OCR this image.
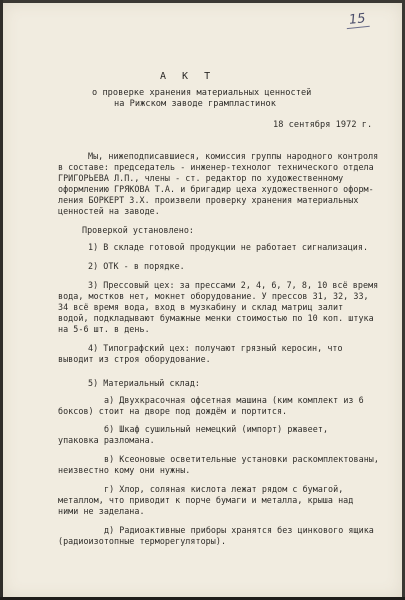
15
А К Т
о проверке хранения материальных ценностей
на Рижском заводе грампластинок
18 сентября 1972 г.
Мы, нижеподписавшиеся, комиссия группы народного контроля
в составе: председатель - инженер-технолог технического отдела
ГРИГОРЬЕВА Л.П., члены - ст. редактор по художественному
оформлению ГРЯКОВА Т.А. и бригадир цеха художественного оформ-
ления БОРКЕРТ З.Х. произвели проверку хранения материальных
ценностей на заводе.
Проверкой установлено:
1) В складе готовой продукции не работает сигнализация.
2) ОТК - в порядке.
3) Прессовый цех: за прессами 2, 4, 6, 7, 8, 10 всё время
вода, мостков нет, мокнет оборудование. У прессов 31, 32, 33,
34 всё время вода, вход в музкабину и склад матриц залит
водой, подкладывают бумажные менки стоимостью по 10 коп. штука
на 5-6 шт. в день.
4) Типографский цех: получают грязный керосин, что
выводит из строя оборудование.
5) Материальный склад:
а) Двухкрасочная офсетная машина (ким комплект из 6
боксов) стоит на дворе под дождём и портится.
б) Шкаф сушильный немецкий (импорт) ржавеет,
упаковка разломана.
в) Ксеоновые осветительные установки раскомплектованы,
неизвестно кому они нужны.
г) Хлор, соляная кислота лежат рядом с бумагой,
металлом, что приводит к порче бумаги и металла, крыша над
ними не заделана.
д) Радиоактивные приборы хранятся без цинкового ящика
(радиоизотопные терморегуляторы).
